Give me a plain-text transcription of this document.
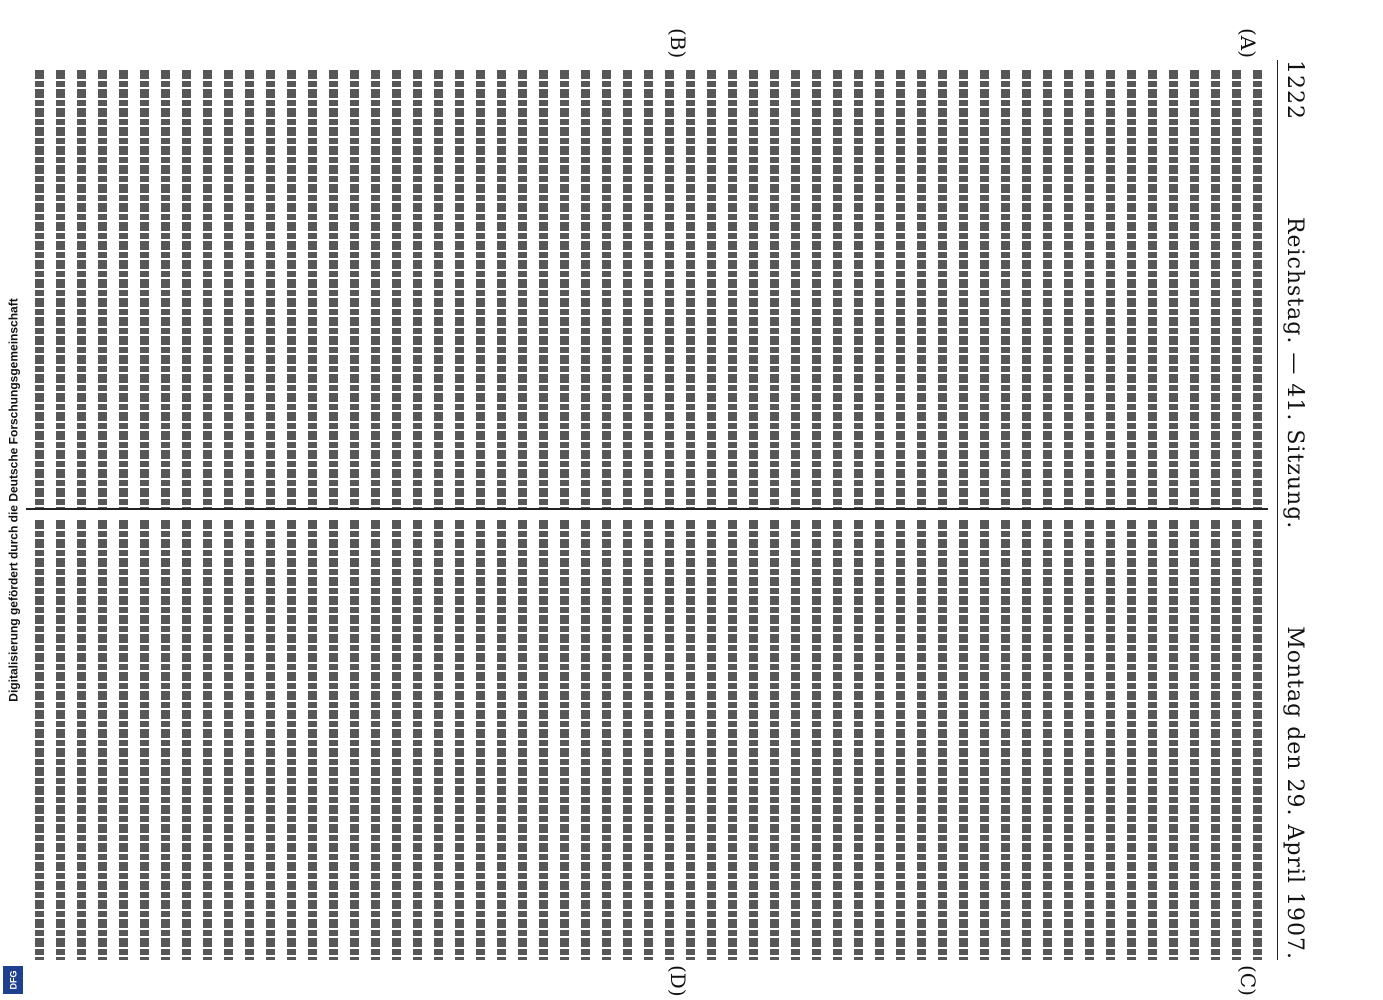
1222
Reichstag. — 41. Sitzung.
Montag den 29. April 1907.
(A)
(B)
(C)
(D)
Digitalisierung gefördert durch die Deutsche Forschungsgemeinschaft
DFG
